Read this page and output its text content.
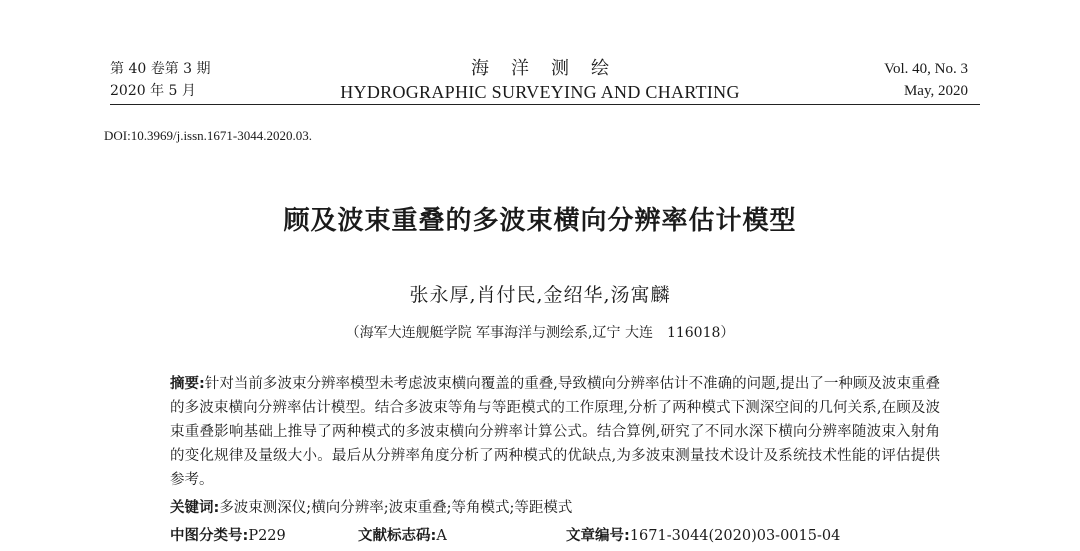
第 40 卷第 3 期
2020 年 5 月
海洋测绘
HYDROGRAPHIC SURVEYING AND CHARTING
Vol. 40, No. 3
May, 2020
DOI:10.3969/j.issn.1671-3044.2020.03.
顾及波束重叠的多波束横向分辨率估计模型
张永厚,肖付民,金绍华,汤寓麟
（海军大连舰艇学院 军事海洋与测绘系,辽宁 大连　116018）
摘要:针对当前多波束分辨率模型未考虑波束横向覆盖的重叠,导致横向分辨率估计不准确的问题,提出了一种顾及波束重叠的多波束横向分辨率估计模型。结合多波束等角与等距模式的工作原理,分析了两种模式下测深空间的几何关系,在顾及波束重叠影响基础上推导了两种模式的多波束横向分辨率计算公式。结合算例,研究了不同水深下横向分辨率随波束入射角的变化规律及量级大小。最后从分辨率角度分析了两种模式的优缺点,为多波束测量技术设计及系统技术性能的评估提供参考。
关键词:多波束测深仪;横向分辨率;波束重叠;等角模式;等距模式
中图分类号:P229	文献标志码:A	文章编号:1671-3044(2020)03-0015-04
